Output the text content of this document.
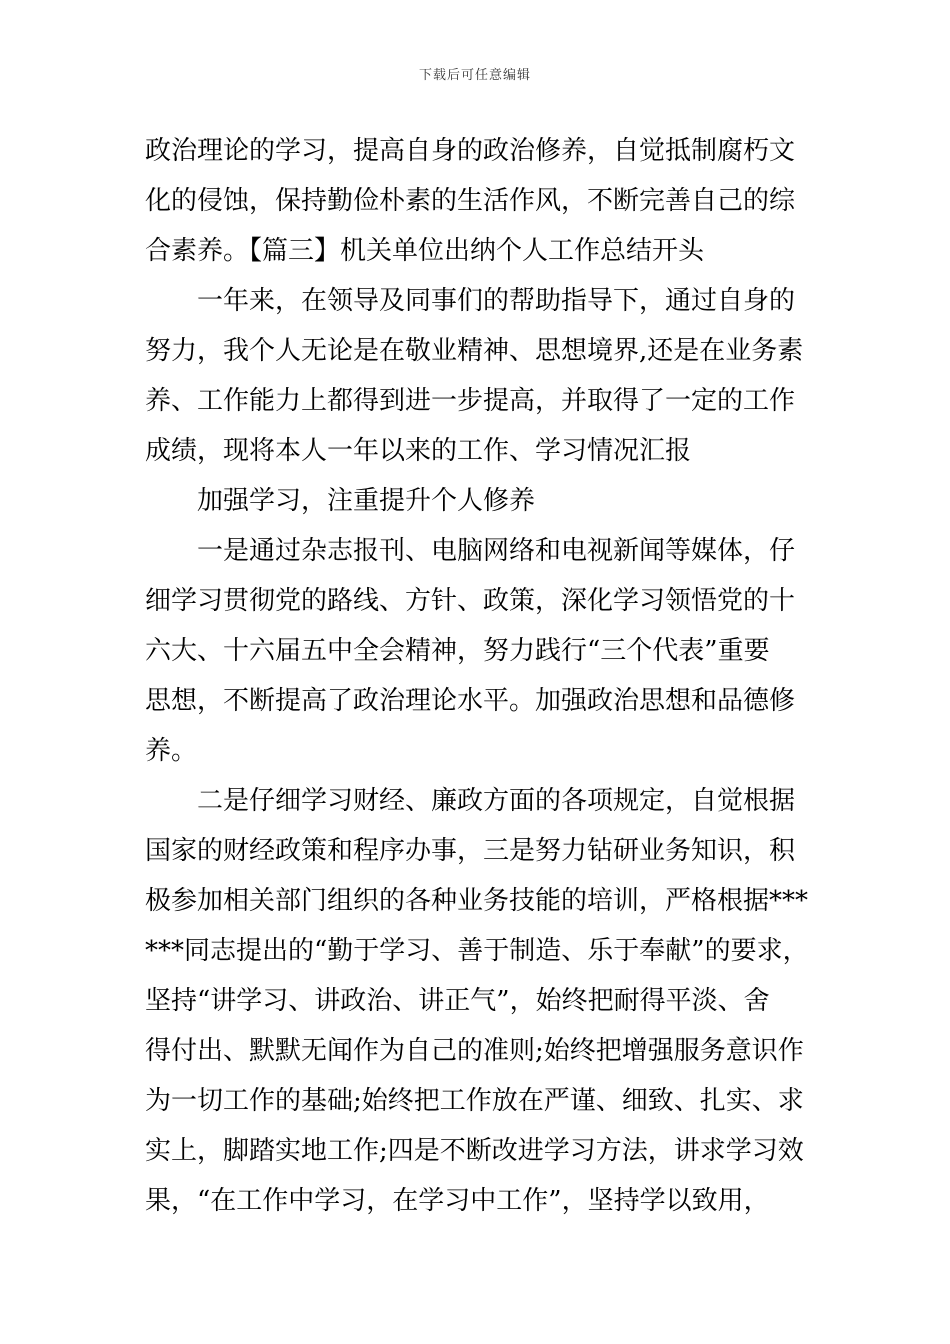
下载后可任意编辑
政治理论的学习，提高自身的政治修养，自觉抵制腐朽文
化的侵蚀，保持勤俭朴素的生活作风，不断完善自己的综
合素养。【篇三】机关单位出纳个人工作总结开头
一年来，在领导及同事们的帮助指导下，通过自身的
努力，我个人无论是在敬业精神、思想境界,还是在业务素
养、工作能力上都得到进一步提高，并取得了一定的工作
成绩，现将本人一年以来的工作、学习情况汇报
加强学习，注重提升个人修养
一是通过杂志报刊、电脑网络和电视新闻等媒体，仔
细学习贯彻党的路线、方针、政策，深化学习领悟党的十
六大、十六届五中全会精神，努力践行“三个代表”重要
思想，不断提高了政治理论水平。加强政治思想和品德修
养。
二是仔细学习财经、廉政方面的各项规定，自觉根据
国家的财经政策和程序办事，三是努力钻研业务知识，积
极参加相关部门组织的各种业务技能的培训，严格根据***
***同志提出的“勤于学习、善于制造、乐于奉献”的要求，
坚持“讲学习、讲政治、讲正气”，始终把耐得平淡、舍
得付出、默默无闻作为自己的准则;始终把增强服务意识作
为一切工作的基础;始终把工作放在严谨、细致、扎实、求
实上，脚踏实地工作;四是不断改进学习方法，讲求学习效
果，“在工作中学习，在学习中工作”，坚持学以致用，
